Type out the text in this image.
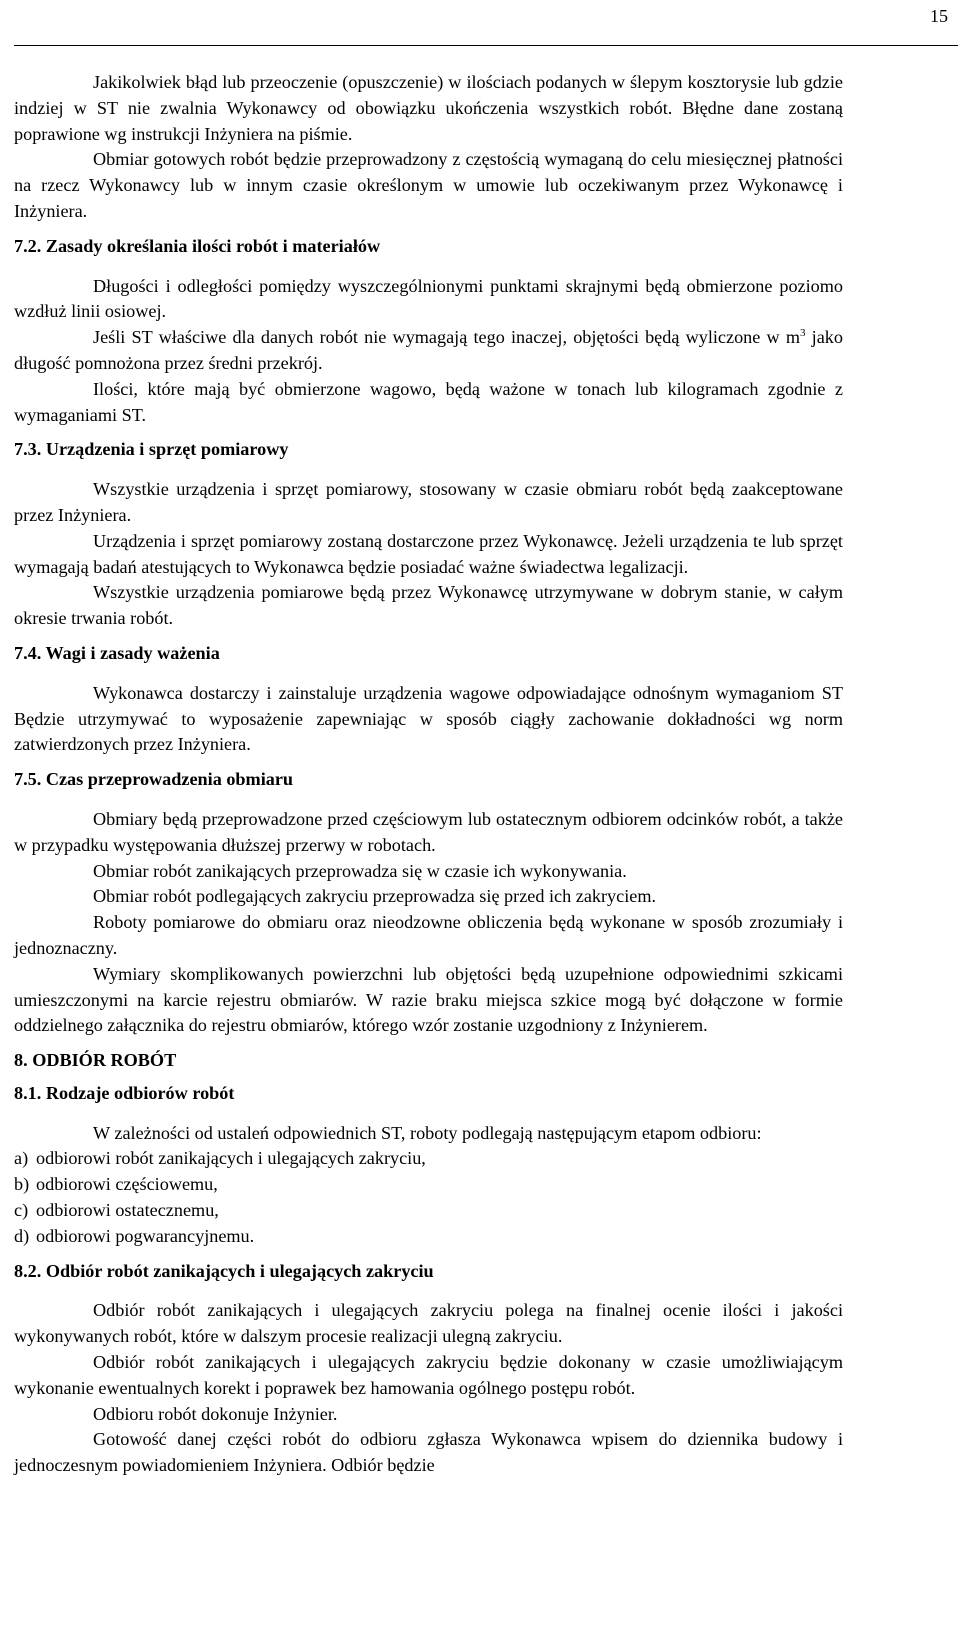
15

Jakikolwiek błąd lub przeoczenie (opuszczenie) w ilościach podanych w ślepym kosztorysie lub gdzie indziej w ST nie zwalnia Wykonawcy od obowiązku ukończenia wszystkich robót. Błędne dane zostaną poprawione wg instrukcji Inżyniera na piśmie.

Obmiar gotowych robót będzie przeprowadzony z częstością wymaganą do celu miesięcznej płatności na rzecz Wykonawcy lub w innym czasie określonym w umowie lub oczekiwanym przez Wykonawcę i Inżyniera.

7.2. Zasady określania ilości robót i materiałów

Długości i odległości pomiędzy wyszczególnionymi punktami skrajnymi będą obmierzone poziomo wzdłuż linii osiowej.

Jeśli ST właściwe dla danych robót nie wymagają tego inaczej, objętości będą wyliczone w $m^3$ jako długość pomnożona przez średni przekrój.

Ilości, które mają być obmierzone wagowo, będą ważone w tonach lub kilogramach zgodnie z wymaganiami ST.

7.3. Urządzenia i sprzęt pomiarowy

Wszystkie urządzenia i sprzęt pomiarowy, stosowany w czasie obmiaru robót będą zaakceptowane przez Inżyniera.

Urządzenia i sprzęt pomiarowy zostaną dostarczone przez Wykonawcę. Jeżeli urządzenia te lub sprzęt wymagają badań atestujących to Wykonawca będzie posiadać ważne świadectwa legalizacji.

Wszystkie urządzenia pomiarowe będą przez Wykonawcę utrzymywane w dobrym stanie, w całym okresie trwania robót.

7.4. Wagi i zasady ważenia

Wykonawca dostarczy i zainstaluje urządzenia wagowe odpowiadające odnośnym wymaganiom ST Będzie utrzymywać to wyposażenie zapewniając w sposób ciągły zachowanie dokładności wg norm zatwierdzonych przez Inżyniera.

7.5. Czas przeprowadzenia obmiaru

Obmiary będą przeprowadzone przed częściowym lub ostatecznym odbiorem odcinków robót, a także w przypadku występowania dłuższej przerwy w robotach.

Obmiar robót zanikających przeprowadza się w czasie ich wykonywania.

Obmiar robót podlegających zakryciu przeprowadza się przed ich zakryciem.

Roboty pomiarowe do obmiaru oraz nieodzowne obliczenia będą wykonane w sposób zrozumiały i jednoznaczny.

Wymiary skomplikowanych powierzchni lub objętości będą uzupełnione odpowiednimi szkicami umieszczonymi na karcie rejestru obmiarów. W razie braku miejsca szkice mogą być dołączone w formie oddzielnego załącznika do rejestru obmiarów, którego wzór zostanie uzgodniony z Inżynierem.

8. ODBIÓR ROBÓT
8.1. Rodzaje odbiorów robót

W zależności od ustaleń odpowiednich ST, roboty podlegają następującym etapom odbioru:

a) odbiorowi robót zanikających i ulegających zakryciu,
b) odbiorowi częściowemu,
c) odbiorowi ostatecznemu,
d) odbiorowi pogwarancyjnemu.
8.2. Odbiór robót zanikających i ulegających zakryciu

Odbiór robót zanikających i ulegających zakryciu polega na finalnej ocenie ilości i jakości wykonywanych robót, które w dalszym procesie realizacji ulegną zakryciu.

Odbiór robót zanikających i ulegających zakryciu będzie dokonany w czasie umożliwiającym wykonanie ewentualnych korekt i poprawek bez hamowania ogólnego postępu robót.

Odbioru robót dokonuje Inżynier.

Gotowość danej części robót do odbioru zgłasza Wykonawca wpisem do dziennika budowy i jednoczesnym powiadomieniem Inżyniera. Odbiór będzie
